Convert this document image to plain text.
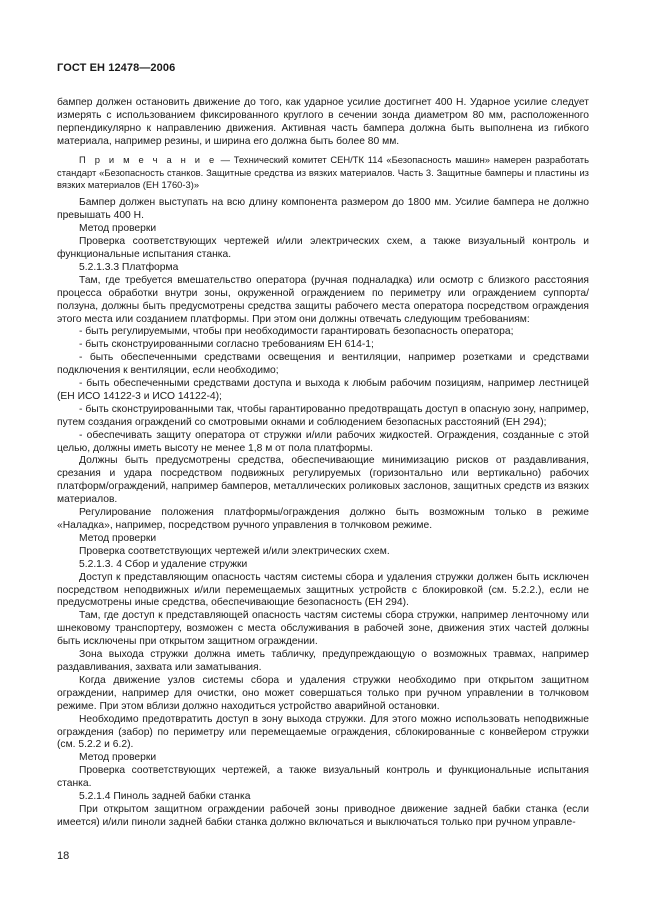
ГОСТ ЕН 12478—2006

бампер должен остановить движение до того, как ударное усилие достигнет 400 Н. Ударное усилие следует измерять с использованием фиксированного круглого в сечении зонда диаметром 80 мм, расположенного перпендикулярно к направлению движения. Активная часть бампера должна быть выполнена из гибкого материала, например резины, и ширина его должна быть более 80 мм.

П р и м е ч а н и е — Технический комитет СЕН/ТК 114 «Безопасность машин» намерен разработать стандарт «Безопасность станков. Защитные средства из вязких материалов. Часть 3. Защитные бамперы и пластины из вязких материалов (ЕН 1760-3)»

Бампер должен выступать на всю длину компонента размером до 1800 мм. Усилие бампера не должно превышать 400 Н.

Метод проверки

Проверка соответствующих чертежей и/или электрических схем, а также визуальный контроль и функциональные испытания станка.

5.2.1.3.3 Платформа

Там, где требуется вмешательство оператора (ручная подналадка) или осмотр с близкого расстояния процесса обработки внутри зоны, окруженной ограждением по периметру или ограждением суппорта/ползуна, должны быть предусмотрены средства защиты рабочего места оператора посредством ограждения этого места или созданием платформы. При этом они должны отвечать следующим требованиям:

- быть регулируемыми, чтобы при необходимости гарантировать безопасность оператора;

- быть сконструированными согласно требованиям ЕН 614-1;

- быть обеспеченными средствами освещения и вентиляции, например розетками и средствами подключения к вентиляции, если необходимо;

- быть обеспеченными средствами доступа и выхода к любым рабочим позициям, например лестницей (ЕН ИСО 14122-3 и ИСО 14122-4);

- быть сконструированными так, чтобы гарантированно предотвращать доступ в опасную зону, например, путем создания ограждений со смотровыми окнами и соблюдением безопасных расстояний (ЕН 294);

- обеспечивать защиту оператора от стружки и/или рабочих жидкостей. Ограждения, созданные с этой целью, должны иметь высоту не менее 1,8 м от пола платформы.

Должны быть предусмотрены средства, обеспечивающие минимизацию рисков от раздавливания, срезания и удара посредством подвижных регулируемых (горизонтально или вертикально) рабочих платформ/ограждений, например бамперов, металлических роликовых заслонов, защитных средств из вязких материалов.

Регулирование положения платформы/ограждения должно быть возможным только в режиме «Наладка», например, посредством ручного управления в толчковом режиме.

Метод проверки

Проверка соответствующих чертежей и/или электрических схем.

5.2.1.3. 4 Сбор и удаление стружки

Доступ к представляющим опасность частям системы сбора и удаления стружки должен быть исключен посредством неподвижных и/или перемещаемых защитных устройств с блокировкой (см. 5.2.2.), если не предусмотрены иные средства, обеспечивающие безопасность (ЕН 294).

Там, где доступ к представляющей опасность частям системы сбора стружки, например ленточному или шнековому транспортеру, возможен с места обслуживания в рабочей зоне, движения этих частей должны быть исключены при открытом защитном ограждении.

Зона выхода стружки должна иметь табличку, предупреждающую о возможных травмах, например раздавливания, захвата или заматывания.

Когда движение узлов системы сбора и удаления стружки необходимо при открытом защитном ограждении, например для очистки, оно может совершаться только при ручном управлении в толчковом режиме. При этом вблизи должно находиться устройство аварийной остановки.

Необходимо предотвратить доступ в зону выхода стружки. Для этого можно использовать неподвижные ограждения (забор) по периметру или перемещаемые ограждения, сблокированные с конвейером стружки (см. 5.2.2 и 6.2).

Метод проверки

Проверка соответствующих чертежей, а также визуальный контроль и функциональные испытания станка.

5.2.1.4 Пиноль задней бабки станка

При открытом защитном ограждении рабочей зоны приводное движение задней бабки станка (если имеется) и/или пиноли задней бабки станка должно включаться и выключаться только при ручном управле-

18
